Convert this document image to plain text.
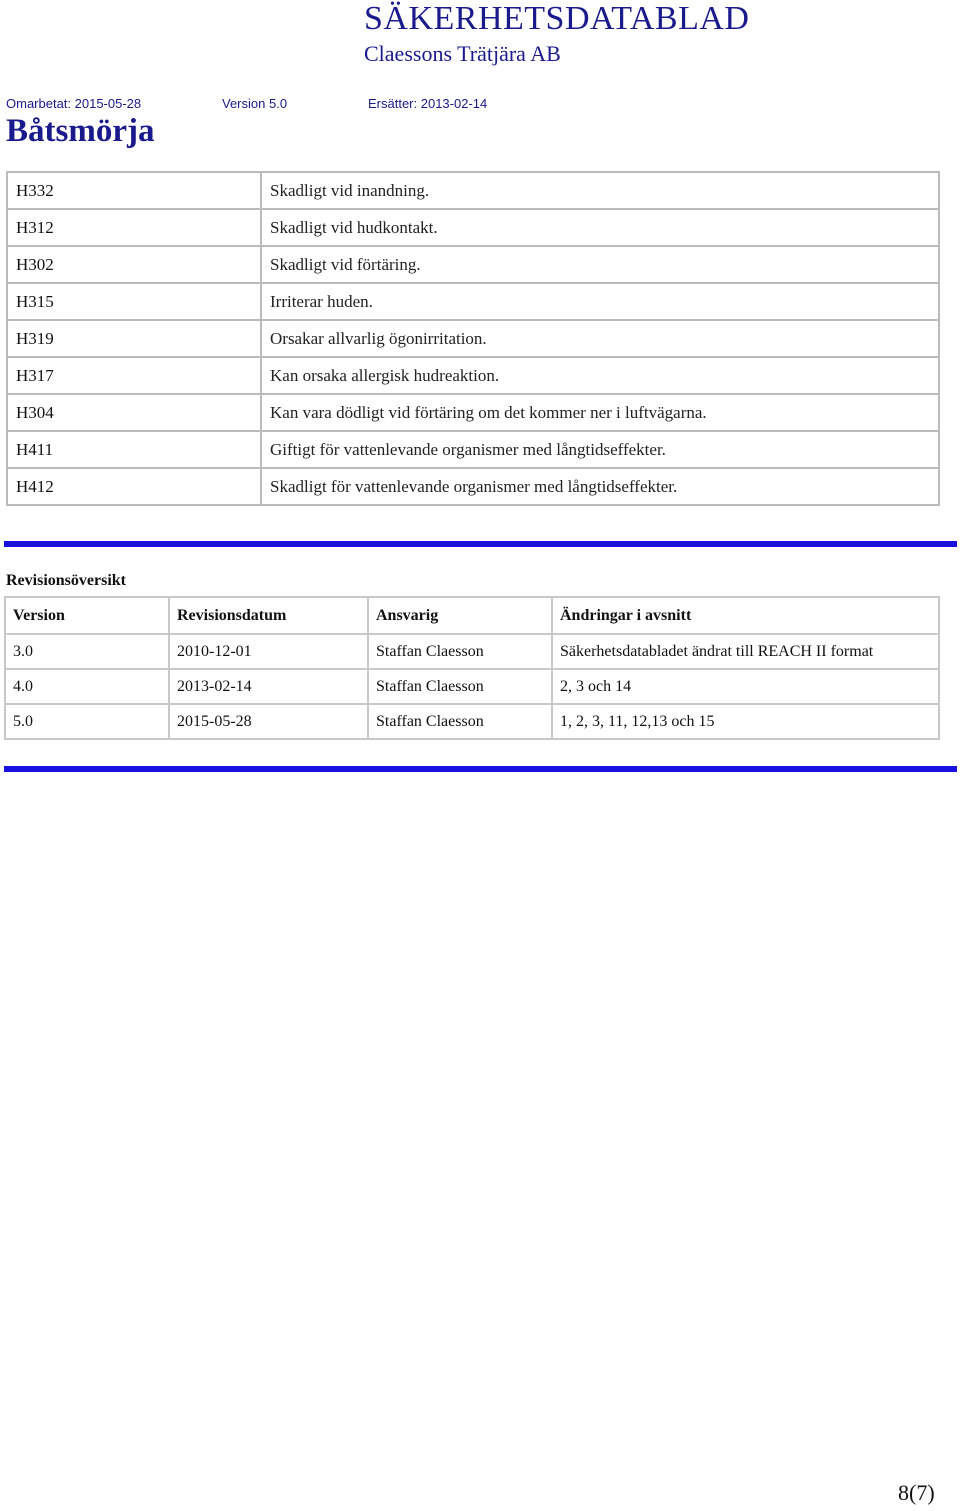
SÄKERHETSDATABLAD
Claessons Trätjära AB
Omarbetat: 2015-05-28	Version 5.0	Ersätter: 2013-02-14
Båtsmörja
H332	Skadligt vid inandning.
H312	Skadligt vid hudkontakt.
H302	Skadligt vid förtäring.
H315	Irriterar huden.
H319	Orsakar allvarlig ögonirritation.
H317	Kan orsaka allergisk hudreaktion.
H304	Kan vara dödligt vid förtäring om det kommer ner i luftvägarna.
H411	Giftigt för vattenlevande organismer med långtidseffekter.
H412	Skadligt för vattenlevande organismer med långtidseffekter.
Revisionsöversikt
Version	Revisionsdatum	Ansvarig	Ändringar i avsnitt
3.0	2010-12-01	Staffan Claesson	Säkerhetsdatabladet ändrat till REACH II format
4.0	2013-02-14	Staffan Claesson	2, 3 och 14
5.0	2015-05-28	Staffan Claesson	1, 2, 3, 11, 12,13 och 15
8(7)
